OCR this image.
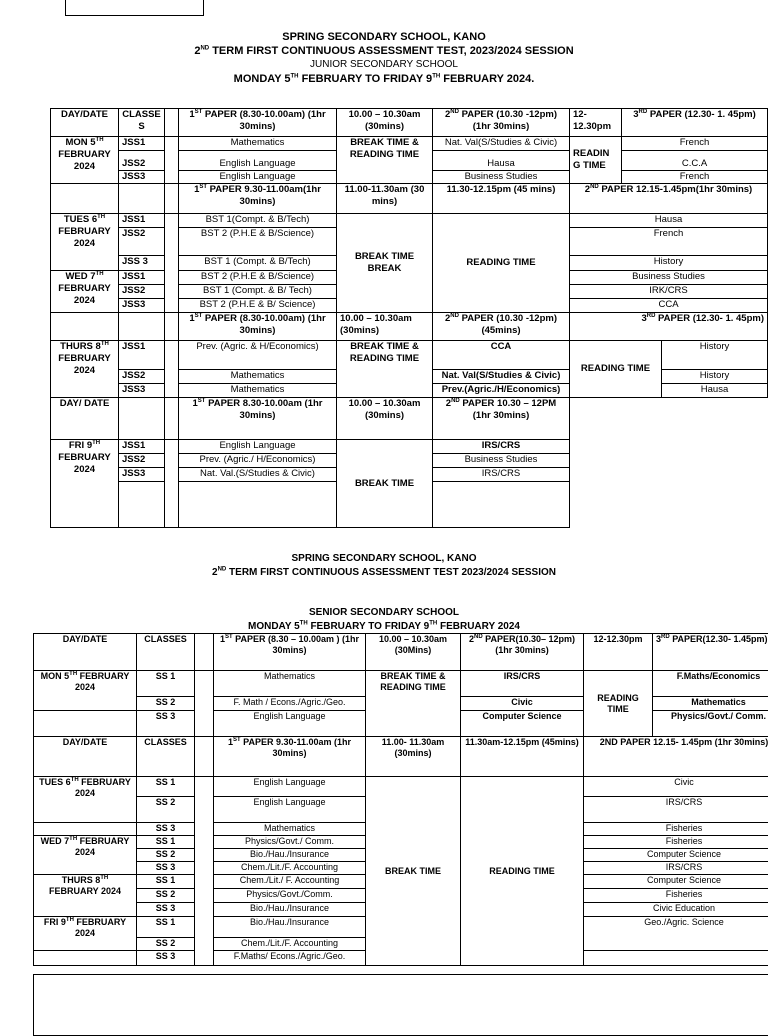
SPRING SECONDARY SCHOOL, KANO
2ND TERM FIRST CONTINUOUS ASSESSMENT TEST, 2023/2024 SESSION
JUNIOR SECONDARY SCHOOL
MONDAY 5TH FEBRUARY TO FRIDAY 9TH FEBRUARY 2024.
DAY/DATE	CLASSE S		1ST PAPER (8.30-10.00am) (1hr 30mins)	10.00 – 10.30am (30mins)	2ND PAPER (10.30 -12pm) (1hr 30mins)	12- 12.30pm	3RD PAPER (12.30- 1. 45pm)	
MON 5TH FEBRUARY 2024	JSS1		Mathematics	BREAK TIME & READING TIME	Nat. Val(S/Studies & Civic)	READIN G TIME	French	
	JSS2		English Language		Hausa		C.C.A	
	JSS3		English Language		Business Studies		French	
			1ST PAPER 9.30-11.00am(1hr 30mins)	11.00-11.30am (30 mins)	11.30-12.15pm (45 mins)	2ND PAPER 12.15-1.45pm(1hr 30mins)		
TUES 6TH FEBRUARY 2024	JSS1		BST 1(Compt. & B/Tech)	BREAK TIME BREAK	READING TIME	Hausa		
	JSS2		BST 2 (P.H.E & B/Science)			French		
	JSS 3		BST 1 (Compt. & B/Tech)			History		
WED 7TH FEBRUARY 2024	JSS1		BST 2 (P.H.E & B/Science)			Business Studies		
	JSS2		BST 1 (Compt. & B/ Tech)			IRK/CRS		
	JSS3		BST 2 (P.H.E & B/ Science)			CCA		
			1ST PAPER (8.30-10.00am) (1hr 30mins)	10.00 – 10.30am (30mins)	2ND PAPER (10.30 -12pm) (45mins)	3RD PAPER (12.30- 1. 45pm)		
THURS 8TH FEBRUARY 2024	JSS1		Prev. (Agric. & H/Economics)	BREAK TIME & READING TIME	CCA	READING TIME		History
	JSS2		Mathematics		Nat. Val(S/Studies & Civic)			History
	JSS3		Mathematics		Prev.(Agric./H/Economics)			Hausa
DAY/ DATE			1ST PAPER 8.30-10.00am (1hr 30mins)	10.00 – 10.30am (30mins)	2ND PAPER 10.30 – 12PM (1hr 30mins)			
FRI 9TH FEBRUARY 2024	JSS1		English Language	BREAK TIME	IRS/CRS			
	JSS2		Prev. (Agric./ H/Economics)		Business Studies			
	JSS3		Nat. Val.(S/Studies & Civic)		IRS/CRS			

SPRING SECONDARY SCHOOL, KANO
2ND TERM FIRST CONTINUOUS ASSESSMENT TEST 2023/2024 SESSION
SENIOR SECONDARY SCHOOL
MONDAY 5TH FEBRUARY TO FRIDAY 9TH FEBRUARY 2024
DAY/DATE	CLASSES		1ST PAPER (8.30 – 10.00am ) (1hr 30mins)	10.00 – 10.30am (30Mins)	2ND PAPER(10.30– 12pm) (1hr 30mins)	12-12.30pm	3RD PAPER(12.30- 1.45pm)
MON 5TH FEBRUARY 2024	SS 1		Mathematics	BREAK TIME & READING TIME	IRS/CRS	READING TIME	F.Maths/Economics
	SS 2		F. Math / Econs./Agric./Geo.		Civic		Mathematics
	SS 3		English Language		Computer Science		Physics/Govt./ Comm.
DAY/DATE	CLASSES		1ST PAPER 9.30-11.00am (1hr 30mins)	11.00- 11.30am (30mins)	11.30am-12.15pm (45mins)	2ND PAPER 12.15- 1.45pm (1hr 30mins)	
TUES 6TH FEBRUARY 2024	SS 1		English Language	BREAK TIME	READING TIME	Civic	
	SS 2		English Language			IRS/CRS	
	SS 3		Mathematics			Fisheries	
WED 7TH FEBRUARY 2024	SS 1		Physics/Govt./ Comm.			Fisheries	
	SS 2		Bio./Hau./Insurance			Computer Science	
	SS 3		Chem./Lit./F. Accounting			IRS/CRS	
THURS 8TH FEBRUARY 2024	SS 1		Chem./Lit./ F. Accounting			Computer Science	
	SS 2		Physics/Govt./Comm.			Fisheries	
	SS 3		Bio./Hau./Insurance			Civic Education	
FRI 9TH FEBRUARY 2024	SS 1		Bio./Hau./Insurance			Geo./Agric. Science	
	SS 2		Chem./Lit./F. Accounting				
	SS 3		F.Maths/ Econs./Agric./Geo.				
